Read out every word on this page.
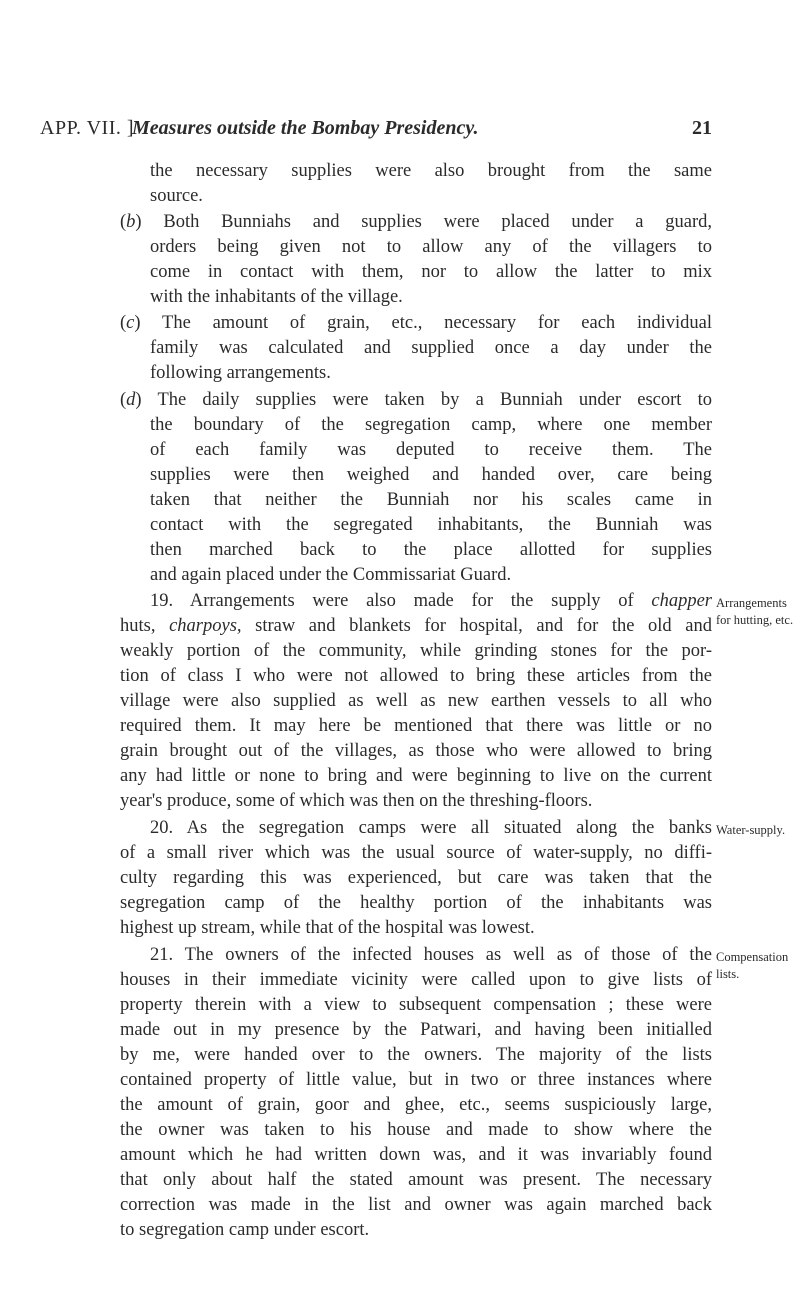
APP. VII. ]
Measures outside the Bombay Presidency.	21
the necessary supplies were also brought from the same
source.
(b) Both Bunniahs and supplies were placed under a guard,
orders being given not to allow any of the villagers to
come in contact with them, nor to allow the latter to mix
with the inhabitants of the village.
(c) The amount of grain, etc., necessary for each individual
family was calculated and supplied once a day under the
following arrangements.
(d) The daily supplies were taken by a Bunniah under escort to
the boundary of the segregation camp, where one member
of each family was deputed to receive them. The
supplies were then weighed and handed over, care being
taken that neither the Bunniah nor his scales came in
contact with the segregated inhabitants, the Bunniah was
then marched back to the place allotted for supplies
and again placed under the Commissariat Guard.
19. Arrangements were also made for the supply of chapper
huts, charpoys, straw and blankets for hospital, and for the old and
weakly portion of the community, while grinding stones for the por-
tion of class I who were not allowed to bring these articles from the
village were also supplied as well as new earthen vessels to all who
required them. It may here be mentioned that there was little or no
grain brought out of the villages, as those who were allowed to bring
any had little or none to bring and were beginning to live on the current
year's produce, some of which was then on the threshing-floors.
20. As the segregation camps were all situated along the banks
of a small river which was the usual source of water-supply, no diffi-
culty regarding this was experienced, but care was taken that the
segregation camp of the healthy portion of the inhabitants was
highest up stream, while that of the hospital was lowest.
21. The owners of the infected houses as well as of those of the
houses in their immediate vicinity were called upon to give lists of
property therein with a view to subsequent compensation ; these were
made out in my presence by the Patwari, and having been initialled
by me, were handed over to the owners. The majority of the lists
contained property of little value, but in two or three instances where
the amount of grain, goor and ghee, etc., seems suspiciously large,
the owner was taken to his house and made to show where the
amount which he had written down was, and it was invariably found
that only about half the stated amount was present. The necessary
correction was made in the list and owner was again marched back
to segregation camp under escort.
Arrangements
for hutting, etc.
Water-supply.
Compensation
lists.
